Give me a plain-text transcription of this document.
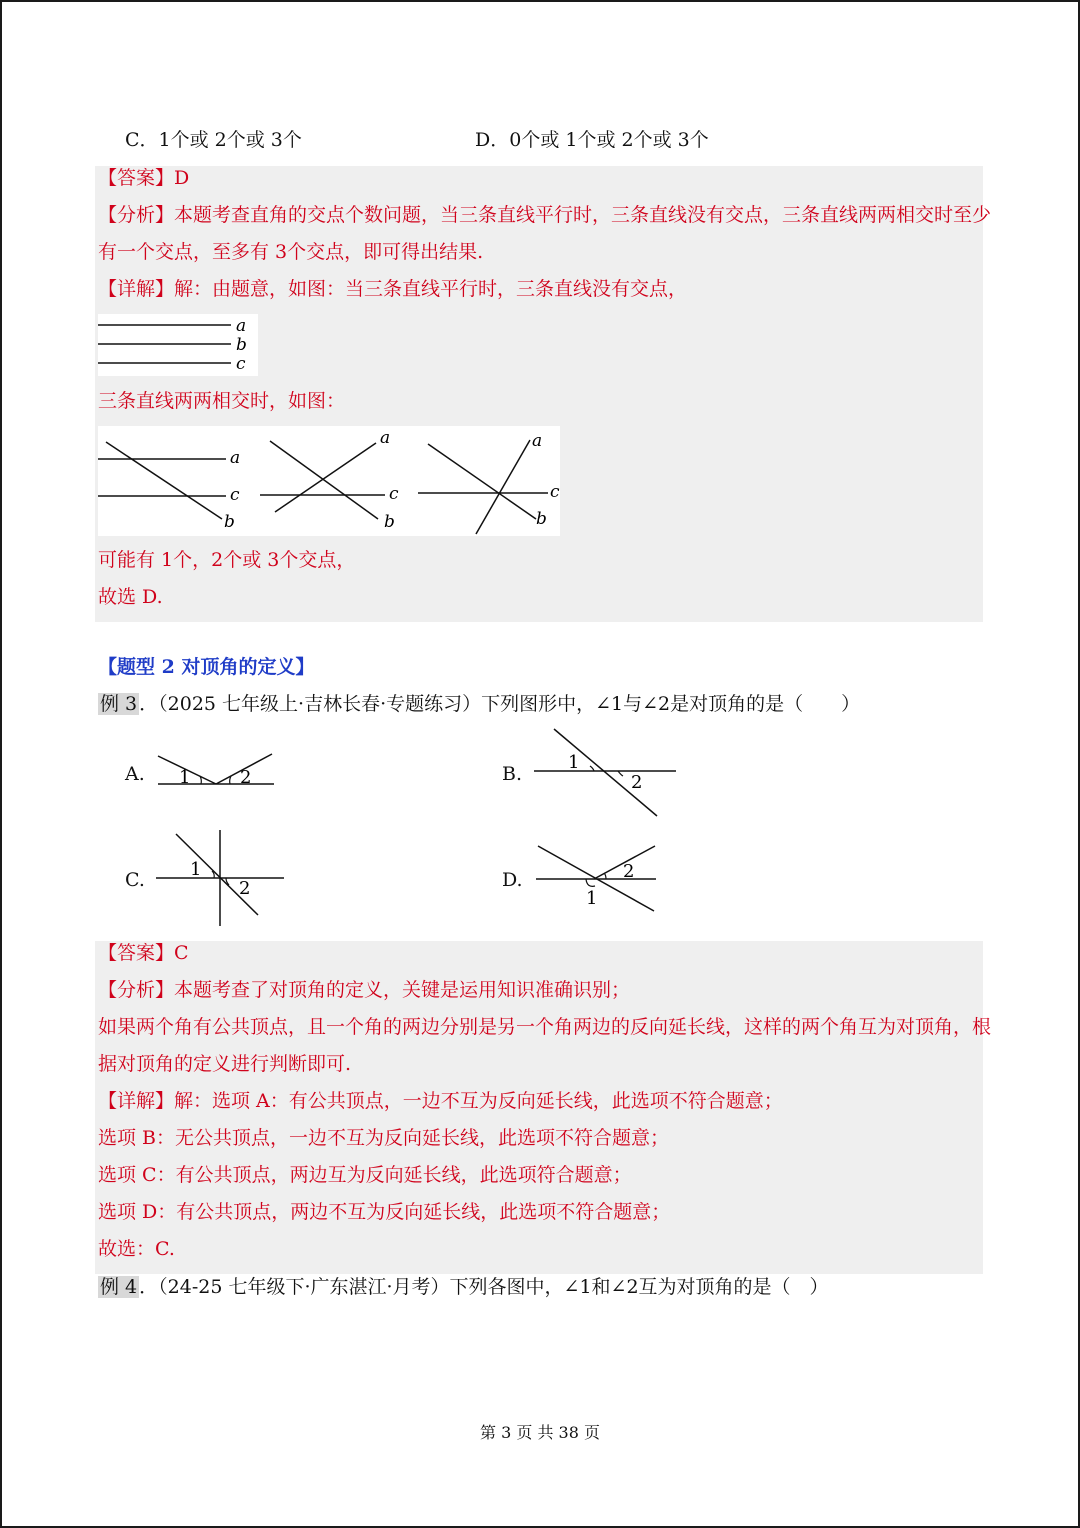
C．1个或 2个或 3个	D．0个或 1个或 2个或 3个
【答案】D
【分析】本题考查直角的交点个数问题，当三条直线平行时，三条直线没有交点，三条直线两两相交时至少
有一个交点，至多有 3个交点，即可得出结果.
【详解】解：由题意，如图：当三条直线平行时，三条直线没有交点，
a
b
c
三条直线两两相交时，如图：
a
c
b
a
c
b
a
c
b
可能有 1个，2个或 3个交点，
故选 D.
【题型 2 对顶角的定义】
例 3 ．（2025 七年级上·吉林长春·专题练习）下列图形中，∠1与∠2是对顶角的是（　　）
A. 1	2	B.
1
2
C.	1
2	D.	2
1
【答案】C
【分析】本题考查了对顶角的定义，关键是运用知识准确识别；
如果两个角有公共顶点，且一个角的两边分别是另一个角两边的反向延长线，这样的两个角互为对顶角，根
据对顶角的定义进行判断即可.
【详解】解：选项 A：有公共顶点，一边不互为反向延长线，此选项不符合题意；
选项 B：无公共顶点，一边不互为反向延长线，此选项不符合题意；
选项 C：有公共顶点，两边互为反向延长线，此选项符合题意；
选项 D：有公共顶点，两边不互为反向延长线，此选项不符合题意；
故选：C.
例 4 ．（24-25 七年级下·广东湛江·月考）下列各图中，∠1和∠2互为对顶角的是（　）
第 3 页 共 38 页
